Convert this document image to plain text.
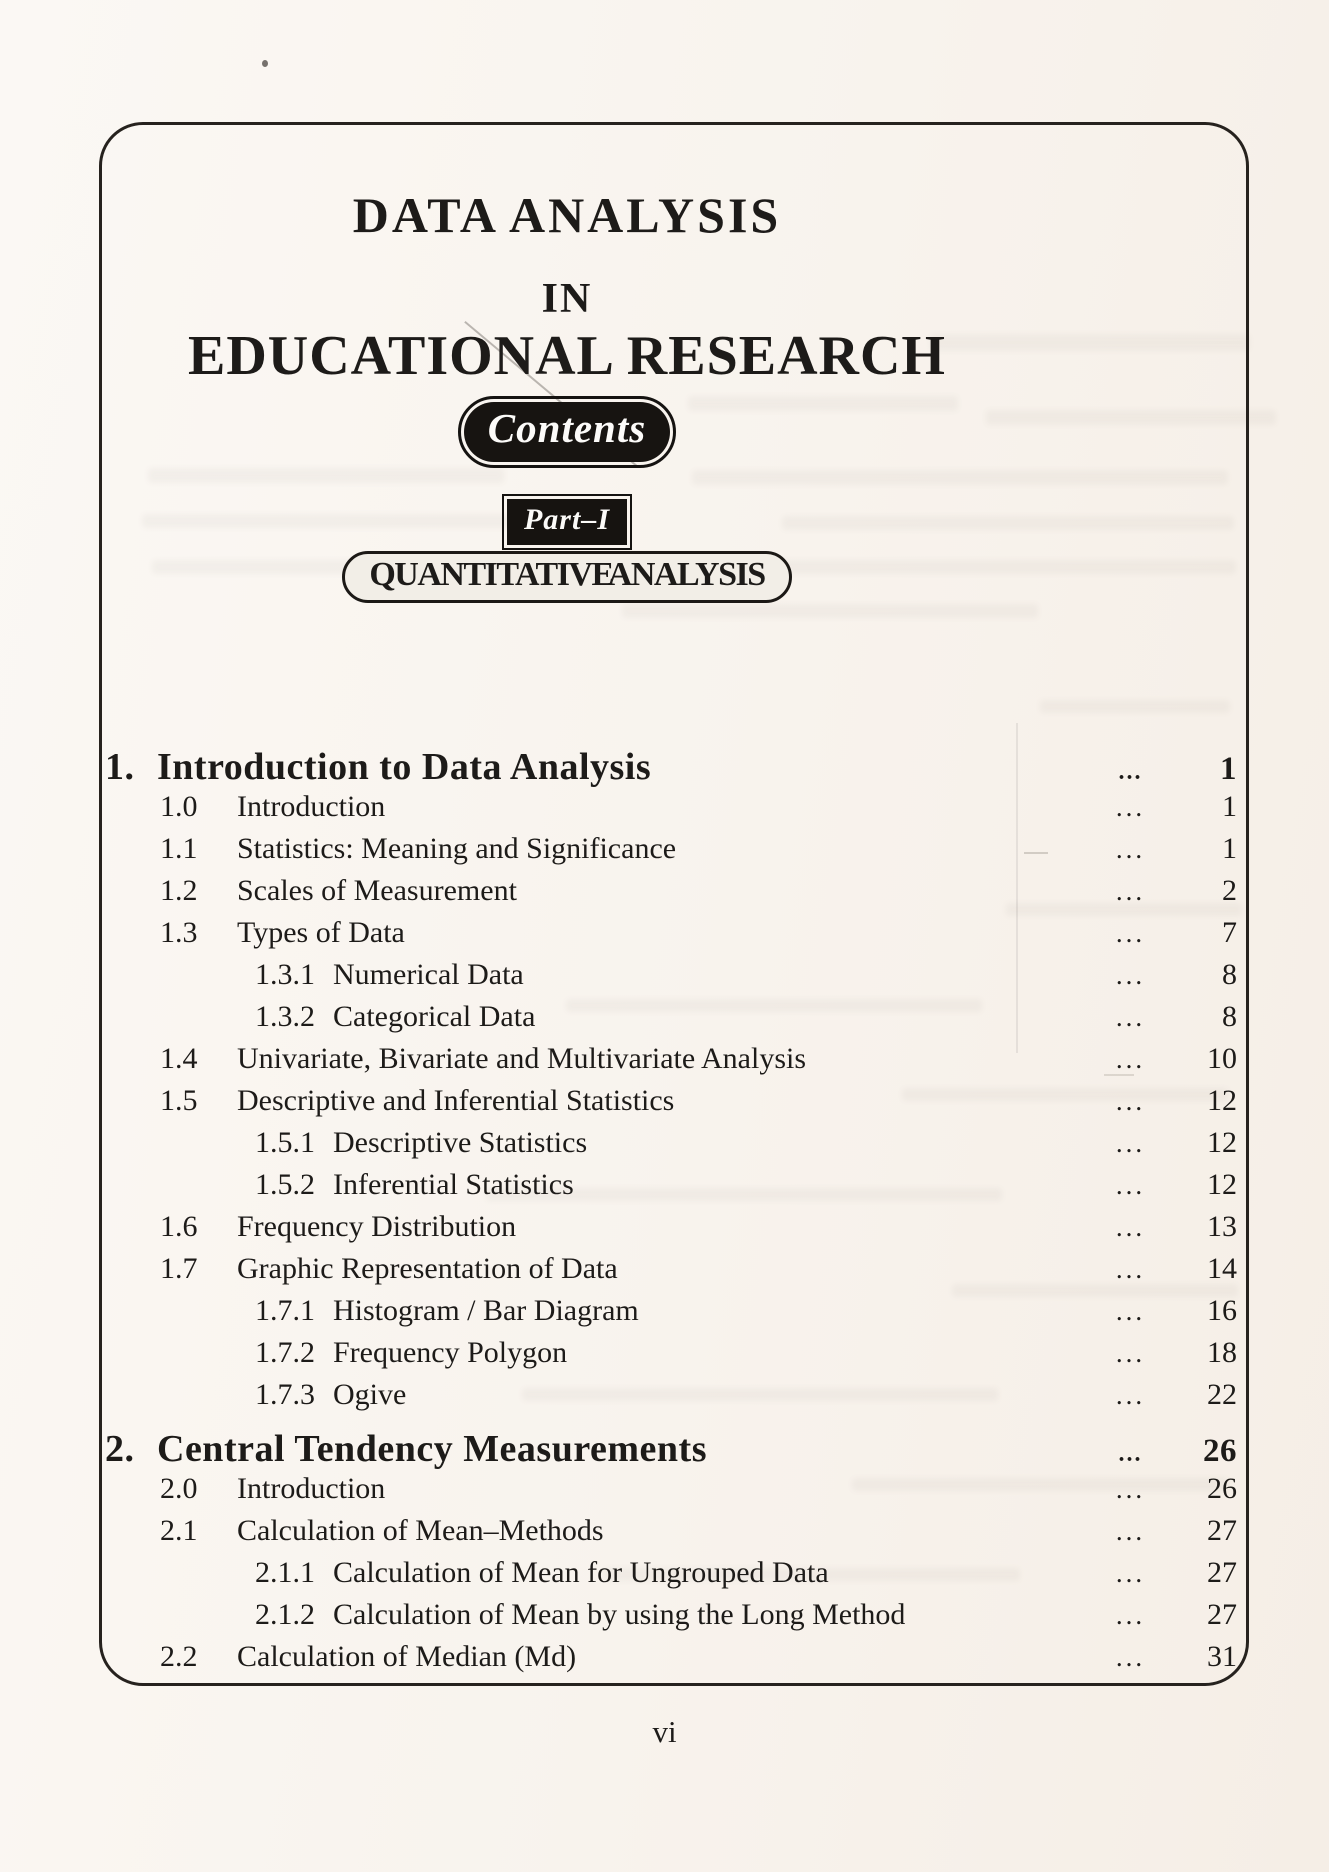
DATA ANALYSIS
IN
EDUCATIONAL RESEARCH
Contents
Part–I
QUANTITATIVE ANALYSIS
1. Introduction to Data Analysis	...	1
1.0	Introduction	...	1
1.1	Statistics: Meaning and Significance	...	1
1.2	Scales of Measurement	...	2
1.3	Types of Data	...	7
1.3.1 Numerical Data	...	8
1.3.2 Categorical Data	...	8
1.4	Univariate, Bivariate and Multivariate Analysis	...	10
1.5	Descriptive and Inferential Statistics	...	12
1.5.1 Descriptive Statistics	...	12
1.5.2 Inferential Statistics	...	12
1.6	Frequency Distribution	...	13
1.7	Graphic Representation of Data	...	14
1.7.1 Histogram / Bar Diagram	...	16
1.7.2 Frequency Polygon	...	18
1.7.3 Ogive	...	22
2. Central Tendency Measurements	...	26
2.0	Introduction	...	26
2.1	Calculation of Mean–Methods	...	27
2.1.1 Calculation of Mean for Ungrouped Data	...	27
2.1.2 Calculation of Mean by using the Long Method	...	27
2.2	Calculation of Median (Md)	...	31
vi
